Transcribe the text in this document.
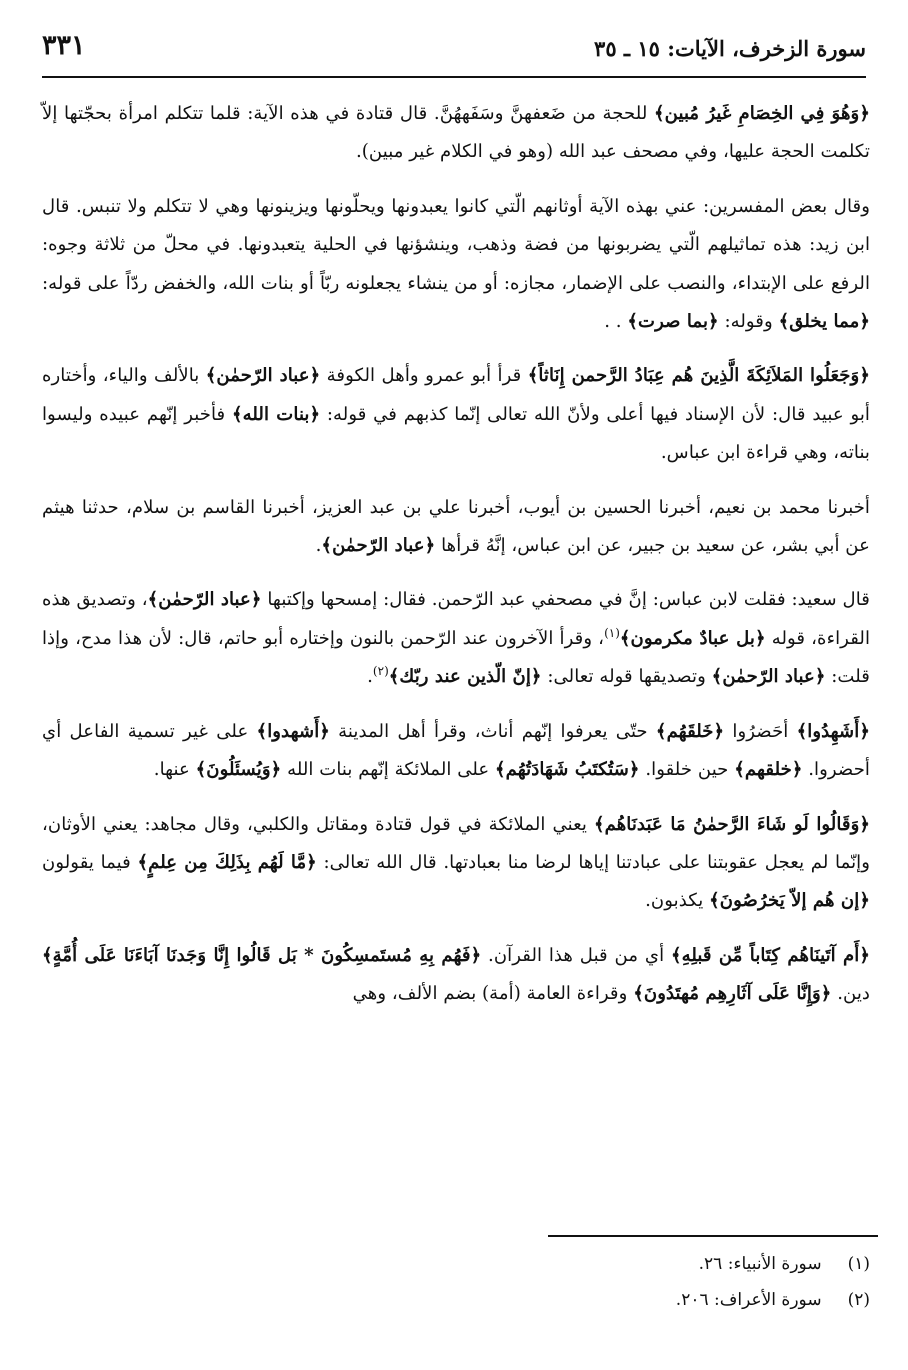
سورة الزخرف، الآيات: ١٥ ـ ٣٥
٣٣١

﴿وَهُوَ فِي الخِصَامِ غَيرُ مُبين﴾ للحجة من ضَعفهنَّ وسَفَههُنَّ. قال قتادة في هذه الآية: قلما تتكلم امرأة بحجّتها إلاّ تكلمت الحجة عليها، وفي مصحف عبد الله (وهو في الكلام غير مبين).

وقال بعض المفسرين: عني بهذه الآية أوثانهم الّتي كانوا يعبدونها ويحلّونها ويزينونها وهي لا تتكلم ولا تنبس. قال ابن زيد: هذه تماثيلهم الّتي يضربونها من فضة وذهب، وينشؤنها في الحلية يتعبدونها. في محلّ من ثلاثة وجوه: الرفع على الإبتداء، والنصب على الإضمار، مجازه: أو من ينشاء يجعلونه ربّاً أو بنات الله، والخفض ردّاً على قوله: ﴿مما يخلق﴾ وقوله: ﴿بما صرت﴾ . .

﴿وَجَعَلُوا المَلاَئِكَةَ الَّذِينَ هُم عِبَادُ الرَّحمن إِنَاثاً﴾ قرأ أبو عمرو وأهل الكوفة ﴿عباد الرّحمٰن﴾ بالألف والياء، وأختاره أبو عبيد قال: لأن الإسناد فيها أعلى ولأنّ الله تعالى إنّما كذبهم في قوله: ﴿بنات الله﴾ فأخبر إنّهم عبيده وليسوا بناته، وهي قراءة ابن عباس.

أخبرنا محمد بن نعيم، أخبرنا الحسين بن أيوب، أخبرنا علي بن عبد العزيز، أخبرنا القاسم بن سلام، حدثنا هيثم عن أبي بشر، عن سعيد بن جبير، عن ابن عباس، إنَّهُ قرأها ﴿عباد الرّحمٰن﴾.

قال سعيد: فقلت لابن عباس: إنَّ في مصحفي عبد الرّحمن. فقال: إمسحها وإكتبها ﴿عباد الرّحمٰن﴾، وتصديق هذه القراءة، قوله ﴿بل عبادٌ مكرمون﴾$^{(١)}$، وقرأ الآخرون عند الرّحمن بالنون وإختاره أبو حاتم، قال: لأن هذا مدح، وإذا قلت: ﴿عباد الرّحمٰن﴾ وتصديقها قوله تعالى: ﴿إنّ الّذين عند ربّك﴾$^{(٢)}$.

﴿أَشَهِدُوا﴾ أحَضرُوا ﴿خَلقَهُم﴾ حتّى يعرفوا إنّهم أناث، وقرأ أهل المدينة ﴿أَشهدوا﴾ على غير تسمية الفاعل أي أحضروا. ﴿خلقهم﴾ حين خلقوا. ﴿سَتُكتَبُ شَهَادَتُهُم﴾ على الملائكة إنّهم بنات الله ﴿وَيُسئَلُونَ﴾ عنها.

﴿وَقَالُوا لَو شَاءَ الرَّحمٰنُ مَا عَبَدنَاهُم﴾ يعني الملائكة في قول قتادة ومقاتل والكلبي، وقال مجاهد: يعني الأوثان، وإنّما لم يعجل عقوبتنا على عبادتنا إياها لرضا منا بعبادتها. قال الله تعالى: ﴿مَّا لَهُم بِذَلِكَ مِن عِلمٍ﴾ فيما يقولون ﴿إن هُم إلاّ يَخرُصُونَ﴾ يكذبون.

﴿أَم آتَينَاهُم كِتَاباً مِّن قَبلِهِ﴾ أي من قبل هذا القرآن. ﴿فَهُم بِهِ مُستَمسِكُونَ * بَل قَالُوا إِنَّا وَجَدنَا آبَاءَنَا عَلَى أُمَّةٍ﴾ دين. ﴿وَإِنَّا عَلَى آثَارِهِم مُهتَدُونَ﴾ وقراءة العامة (أمة) بضم الألف، وهي

(١)سورة الأنبياء: ٢٦.
(٢)سورة الأعراف: ٢٠٦.
